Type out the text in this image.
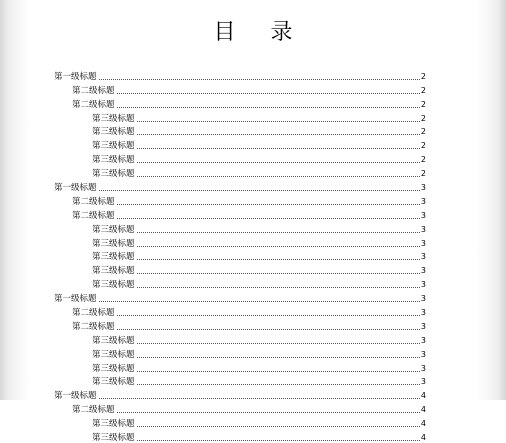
目 录
第一级标题	2
第二级标题	2
第二级标题	2
第三级标题	2
第三级标题	2
第三级标题	2
第三级标题	2
第三级标题	2
第一级标题	3
第二级标题	3
第二级标题	3
第三级标题	3
第三级标题	3
第三级标题	3
第三级标题	3
第三级标题	3
第一级标题	3
第二级标题	3
第二级标题	3
第三级标题	3
第三级标题	3
第三级标题	3
第三级标题	3
第一级标题	4
第二级标题	4
第三级标题	4
第三级标题	4
